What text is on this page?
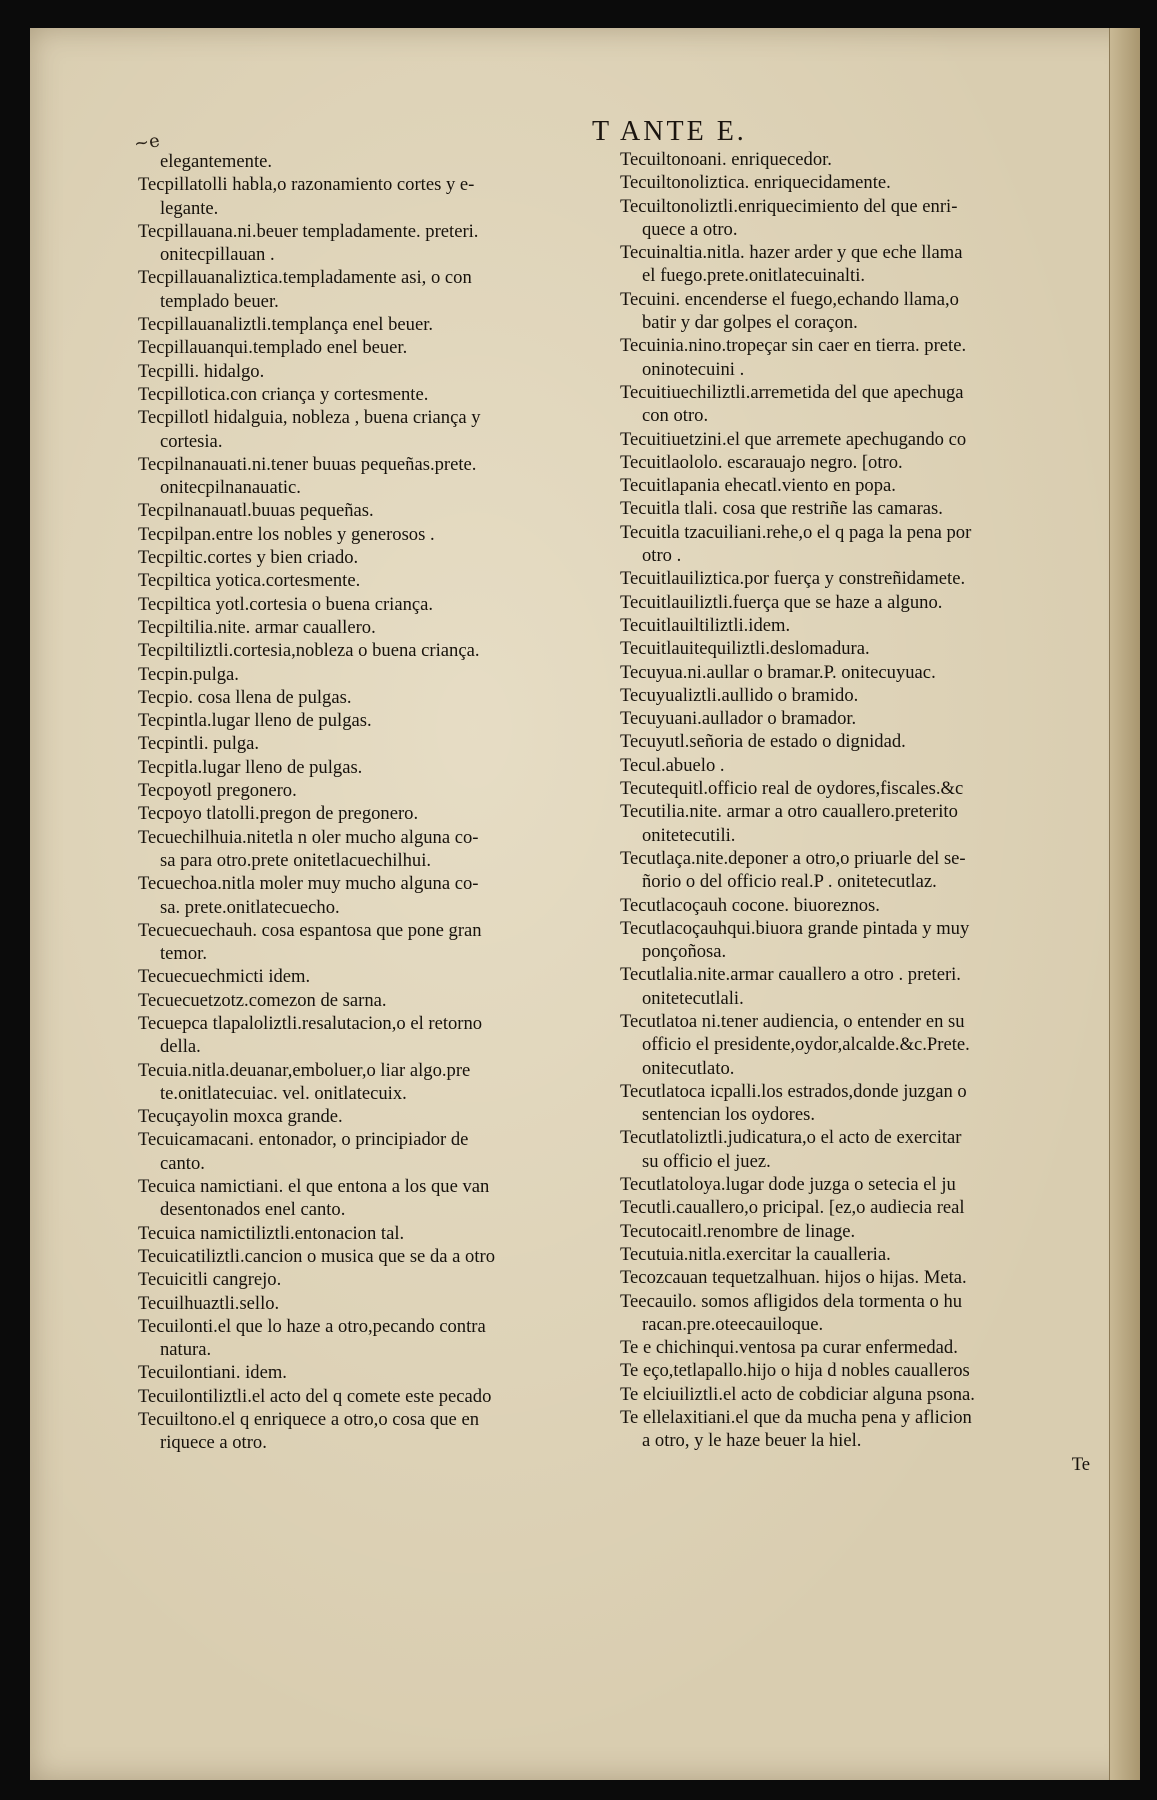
~e	T ANTE E.
elegantemente.
Tecpillatolli habla,o razonamiento cortes y e-
legante.
Tecpillauana.ni.beuer templadamente. preteri.
onitecpillauan .
Tecpillauanaliztica.templadamente asi, o con
templado beuer.
Tecpillauanaliztli.templança enel beuer.
Tecpillauanqui.templado enel beuer.
Tecpilli. hidalgo.
Tecpillotica.con criança y cortesmente.
Tecpillotl hidalguia, nobleza , buena criança y
cortesia.
Tecpilnanauati.ni.tener buuas pequeñas.prete.
onitecpilnanauatic.
Tecpilnanauatl.buuas pequeñas.
Tecpilpan.entre los nobles y generosos .
Tecpiltic.cortes y bien criado.
Tecpiltica yotica.cortesmente.
Tecpiltica yotl.cortesia o buena criança.
Tecpiltilia.nite. armar cauallero.
Tecpiltiliztli.cortesia,nobleza o buena criança.
Tecpin.pulga.
Tecpio. cosa llena de pulgas.
Tecpintla.lugar lleno de pulgas.
Tecpintli. pulga.
Tecpitla.lugar lleno de pulgas.
Tecpoyotl pregonero.
Tecpoyo tlatolli.pregon de pregonero.
Tecuechilhuia.nitetla n oler mucho alguna co-
sa para otro.prete onitetlacuechilhui.
Tecuechoa.nitla moler muy mucho alguna co-
sa. prete.onitlatecuecho.
Tecuecuechauh. cosa espantosa que pone gran
temor.
Tecuecuechmicti idem.
Tecuecuetzotz.comezon de sarna.
Tecuepca tlapaloliztli.resalutacion,o el retorno
della.
Tecuia.nitla.deuanar,emboluer,o liar algo.pre
te.onitlatecuiac. vel. onitlatecuix.
Tecuçayolin moxca grande.
Tecuicamacani. entonador, o principiador de
canto.
Tecuica namictiani. el que entona a los que van
desentonados enel canto.
Tecuica namictiliztli.entonacion tal.
Tecuicatiliztli.cancion o musica que se da a otro
Tecuicitli cangrejo.
Tecuilhuaztli.sello.
Tecuilonti.el que lo haze a otro,pecando contra
natura.
Tecuilontiani. idem.
Tecuilontiliztli.el acto del q comete este pecado
Tecuiltono.el q enriquece a otro,o cosa que en
riquece a otro.
Tecuiltonoani. enriquecedor.
Tecuiltonoliztica. enriquecidamente.
Tecuiltonoliztli.enriquecimiento del que enri-
quece a otro.
Tecuinaltia.nitla. hazer arder y que eche llama
el fuego.prete.onitlatecuinalti.
Tecuini. encenderse el fuego,echando llama,o
batir y dar golpes el coraçon.
Tecuinia.nino.tropeçar sin caer en tierra. prete.
oninotecuini .
Tecuitiuechiliztli.arremetida del que apechuga
con otro.
Tecuitiuetzini.el que arremete apechugando co
Tecuitlaololo. escarauajo negro. [otro.
Tecuitlapania ehecatl.viento en popa.
Tecuitla tlali. cosa que restriñe las camaras.
Tecuitla tzacuiliani.rehe,o el q paga la pena por
otro .
Tecuitlauiliztica.por fuerça y constreñidamete.
Tecuitlauiliztli.fuerça que se haze a alguno.
Tecuitlauiltiliztli.idem.
Tecuitlauitequiliztli.deslomadura.
Tecuyua.ni.aullar o bramar.P. onitecuyuac.
Tecuyualiztli.aullido o bramido.
Tecuyuani.aullador o bramador.
Tecuyutl.señoria de estado o dignidad.
Tecul.abuelo .
Tecutequitl.officio real de oydores,fiscales.&c
Tecutilia.nite. armar a otro cauallero.preterito
onitetecutili.
Tecutlaça.nite.deponer a otro,o priuarle del se-
ñorio o del officio real.P . onitetecutlaz.
Tecutlacoçauh cocone. biuoreznos.
Tecutlacoçauhqui.biuora grande pintada y muy
ponçoñosa.
Tecutlalia.nite.armar cauallero a otro . preteri.
onitetecutlali.
Tecutlatoa ni.tener audiencia, o entender en su
officio el presidente,oydor,alcalde.&c.Prete.
onitecutlato.
Tecutlatoca icpalli.los estrados,donde juzgan o
sentencian los oydores.
Tecutlatoliztli.judicatura,o el acto de exercitar
su officio el juez.
Tecutlatoloya.lugar dode juzga o setecia el ju
Tecutli.cauallero,o pricipal. [ez,o audiecia real
Tecutocaitl.renombre de linage.
Tecutuia.nitla.exercitar la caualleria.
Tecozcauan tequetzalhuan. hijos o hijas. Meta.
Teecauilo. somos afligidos dela tormenta o hu
racan.pre.oteecauiloque.
Te e chichinqui.ventosa pa curar enfermedad.
Te eço,tetlapallo.hijo o hija d nobles caualleros
Te elciuiliztli.el acto de cobdiciar alguna psona.
Te ellelaxitiani.el que da mucha pena y aflicion
a otro, y le haze beuer la hiel.
Te
